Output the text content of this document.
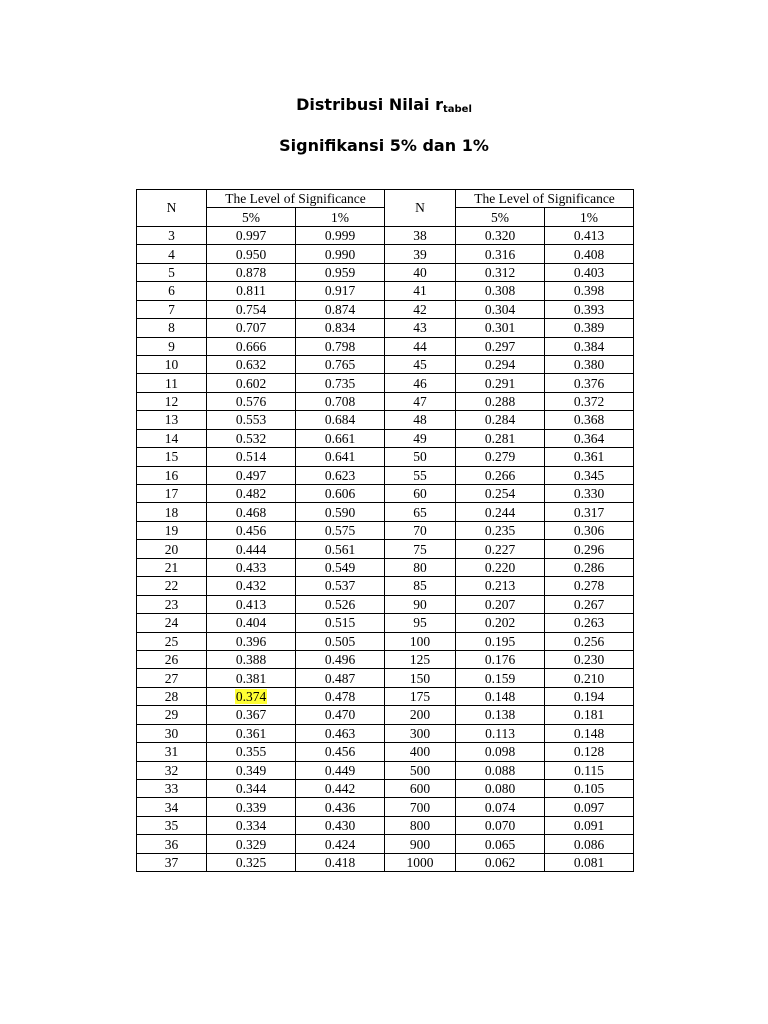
Distribusi Nilai $r_{tabel}$
Signifikansi 5% dan 1%
N	The Level of Significance		N	The Level of Significance	
	5%	1%		5%	1%
3	0.997	0.999	38	0.320	0.413
4	0.950	0.990	39	0.316	0.408
5	0.878	0.959	40	0.312	0.403
6	0.811	0.917	41	0.308	0.398
7	0.754	0.874	42	0.304	0.393
8	0.707	0.834	43	0.301	0.389
9	0.666	0.798	44	0.297	0.384
10	0.632	0.765	45	0.294	0.380
11	0.602	0.735	46	0.291	0.376
12	0.576	0.708	47	0.288	0.372
13	0.553	0.684	48	0.284	0.368
14	0.532	0.661	49	0.281	0.364
15	0.514	0.641	50	0.279	0.361
16	0.497	0.623	55	0.266	0.345
17	0.482	0.606	60	0.254	0.330
18	0.468	0.590	65	0.244	0.317
19	0.456	0.575	70	0.235	0.306
20	0.444	0.561	75	0.227	0.296
21	0.433	0.549	80	0.220	0.286
22	0.432	0.537	85	0.213	0.278
23	0.413	0.526	90	0.207	0.267
24	0.404	0.515	95	0.202	0.263
25	0.396	0.505	100	0.195	0.256
26	0.388	0.496	125	0.176	0.230
27	0.381	0.487	150	0.159	0.210
28	0.374	0.478	175	0.148	0.194
29	0.367	0.470	200	0.138	0.181
30	0.361	0.463	300	0.113	0.148
31	0.355	0.456	400	0.098	0.128
32	0.349	0.449	500	0.088	0.115
33	0.344	0.442	600	0.080	0.105
34	0.339	0.436	700	0.074	0.097
35	0.334	0.430	800	0.070	0.091
36	0.329	0.424	900	0.065	0.086
37	0.325	0.418	1000	0.062	0.081
